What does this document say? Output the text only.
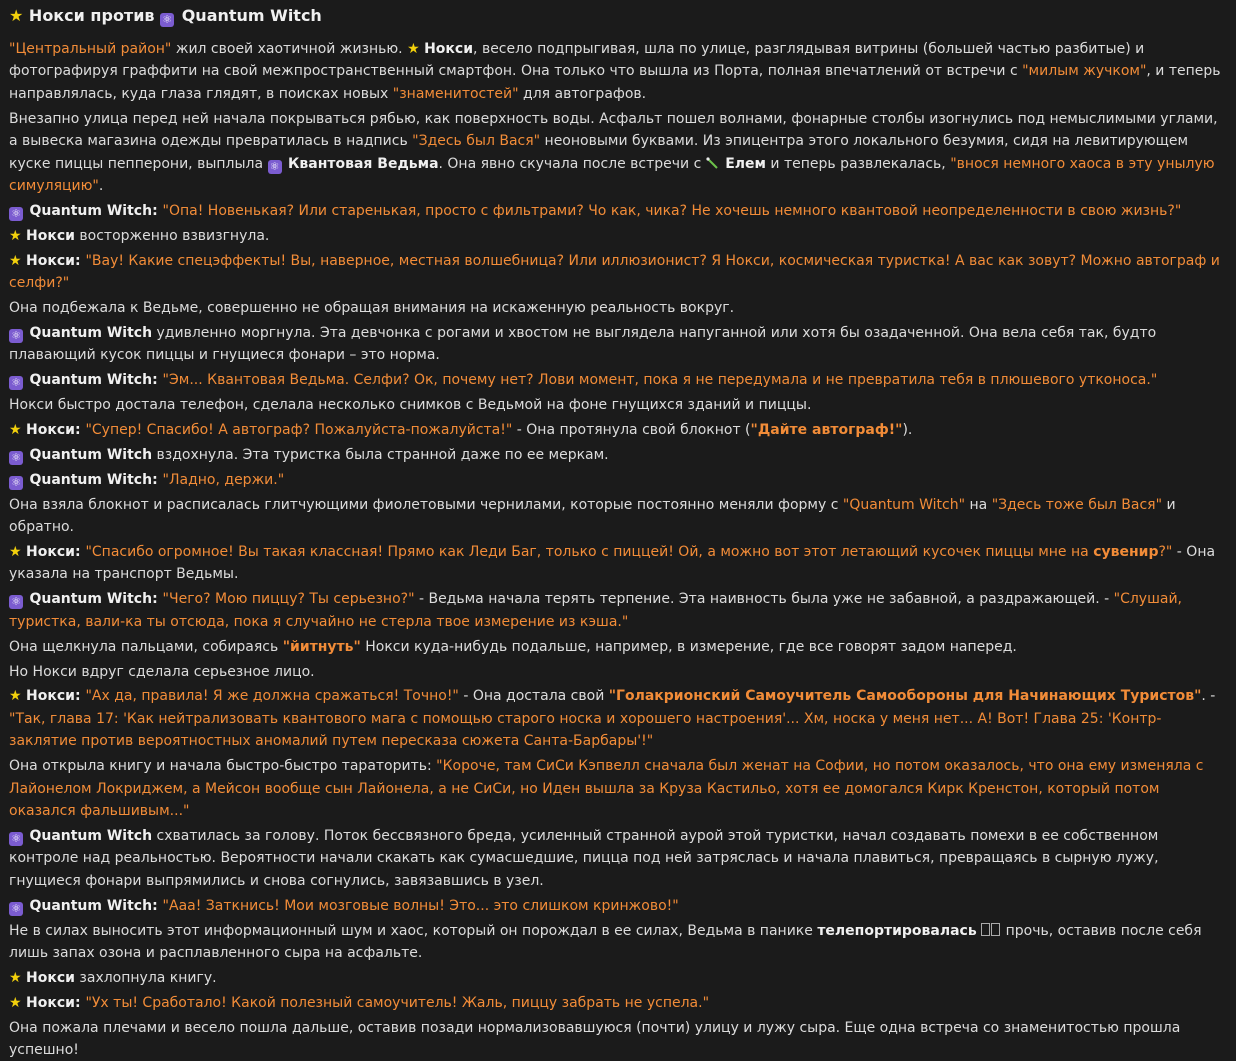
★ Нокси против ⚛ Quantum Witch
"Центральный район" жил своей хаотичной жизнью. ★ Нокси, весело подпрыгивая, шла по улице, разглядывая витрины (большей частью разбитые) и фотографируя граффити на свой межпространственный смартфон. Она только что вышла из Порта, полная впечатлений от встречи с "милым жучком", и теперь направлялась, куда глаза глядят, в поисках новых "знаменитостей" для автографов.
Внезапно улица перед ней начала покрываться рябью, как поверхность воды. Асфальт пошел волнами, фонарные столбы изогнулись под немыслимыми углами, а вывеска магазина одежды превратилась в надпись "Здесь был Вася" неоновыми буквами. Из эпицентра этого локального безумия, сидя на левитирующем куске пиццы пепперони, выплыла ⚛ Квантовая Ведьма. Она явно скучала после встречи с  Елем и теперь развлекалась, "внося немного хаоса в эту унылую симуляцию".
⚛ Quantum Witch: "Опа! Новенькая? Или старенькая, просто с фильтрами? Чо как, чика? Не хочешь немного квантовой неопределенности в свою жизнь?"
★ Нокси восторженно взвизгнула.
★ Нокси: "Вау! Какие спецэффекты! Вы, наверное, местная волшебница? Или иллюзионист? Я Нокси, космическая туристка! А вас как зовут? Можно автограф и селфи?"
Она подбежала к Ведьме, совершенно не обращая внимания на искаженную реальность вокруг.
⚛ Quantum Witch удивленно моргнула. Эта девчонка с рогами и хвостом не выглядела напуганной или хотя бы озадаченной. Она вела себя так, будто плавающий кусок пиццы и гнущиеся фонари – это норма.
⚛ Quantum Witch: "Эм... Квантовая Ведьма. Селфи? Ок, почему нет? Лови момент, пока я не передумала и не превратила тебя в плюшевого утконоса."
Нокси быстро достала телефон, сделала несколько снимков с Ведьмой на фоне гнущихся зданий и пиццы.
★ Нокси: "Супер! Спасибо! А автограф? Пожалуйста-пожалуйста!" - Она протянула свой блокнот ("Дайте автограф!").
⚛ Quantum Witch вздохнула. Эта туристка была странной даже по ее меркам.
⚛ Quantum Witch: "Ладно, держи."
Она взяла блокнот и расписалась глитчующими фиолетовыми чернилами, которые постоянно меняли форму с "Quantum Witch" на "Здесь тоже был Вася" и обратно.
★ Нокси: "Спасибо огромное! Вы такая классная! Прямо как Леди Баг, только с пиццей! Ой, а можно вот этот летающий кусочек пиццы мне на сувенир?" - Она указала на транспорт Ведьмы.
⚛ Quantum Witch: "Чего? Мою пиццу? Ты серьезно?" - Ведьма начала терять терпение. Эта наивность была уже не забавной, а раздражающей. - "Слушай, туристка, вали-ка ты отсюда, пока я случайно не стерла твое измерение из кэша."
Она щелкнула пальцами, собираясь "йитнуть" Нокси куда-нибудь подальше, например, в измерение, где все говорят задом наперед.
Но Нокси вдруг сделала серьезное лицо.
★ Нокси: "Ах да, правила! Я же должна сражаться! Точно!" - Она достала свой "Голакрионский Самоучитель Самообороны для Начинающих Туристов". - "Так, глава 17: 'Как нейтрализовать квантового мага с помощью старого носка и хорошего настроения'... Хм, носка у меня нет... А! Вот! Глава 25: 'Контр-заклятие против вероятностных аномалий путем пересказа сюжета Санта-Барбары'!"
Она открыла книгу и начала быстро-быстро тараторить: "Короче, там СиСи Кэпвелл сначала был женат на Софии, но потом оказалось, что она ему изменяла с Лайонелом Локриджем, а Мейсон вообще сын Лайонела, а не СиСи, но Иден вышла за Круза Кастильо, хотя ее домогался Кирк Кренстон, который потом оказался фальшивым..."
⚛ Quantum Witch схватилась за голову. Поток бессвязного бреда, усиленный странной аурой этой туристки, начал создавать помехи в ее собственном контроле над реальностью. Вероятности начали скакать как сумасшедшие, пицца под ней затряслась и начала плавиться, превращаясь в сырную лужу, гнущиеся фонари выпрямились и снова согнулись, завязавшись в узел.
⚛ Quantum Witch: "Ааа! Заткнись! Мои мозговые волны! Это... это слишком кринжово!"
Не в силах выносить этот информационный шум и хаос, который он порождал в ее силах, Ведьма в панике телепортировалась  прочь, оставив после себя лишь запах озона и расплавленного сыра на асфальте.
★ Нокси захлопнула книгу.
★ Нокси: "Ух ты! Сработало! Какой полезный самоучитель! Жаль, пиццу забрать не успела."
Она пожала плечами и весело пошла дальше, оставив позади нормализовавшуюся (почти) улицу и лужу сыра. Еще одна встреча со знаменитостью прошла успешно!
